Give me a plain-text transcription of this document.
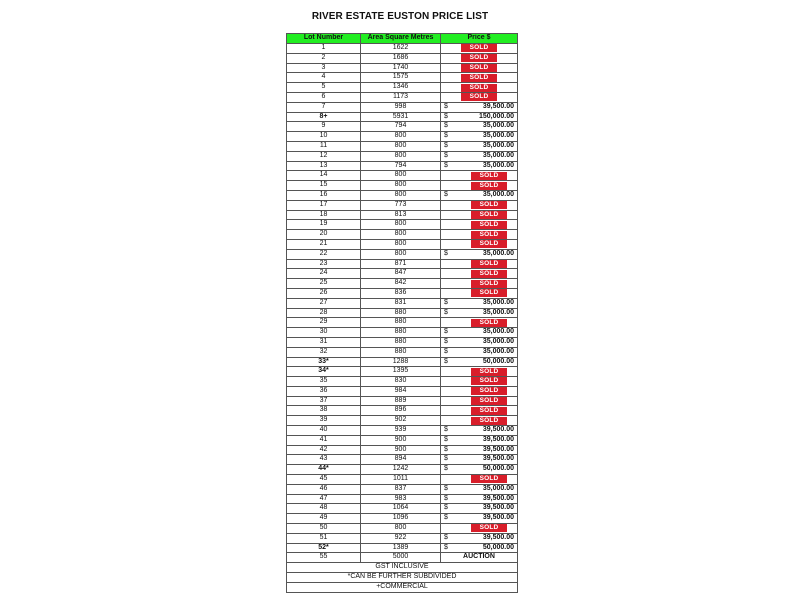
RIVER ESTATE EUSTON PRICE LIST
Lot Number	Area Square Metres	Price $
1	1622	SOLD

2	1686	SOLD

3	1740	SOLD

4	1575	SOLD

5	1346	SOLD

6	1173	SOLD

7	998	$ 39,500.00

8+	5931	$ 150,000.00

9	794	$ 35,000.00

10	800	$ 35,000.00

11	800	$ 35,000.00

12	800	$ 35,000.00

13	794	$ 35,000.00

14	800	SOLD

15	800	SOLD

16	800	$ 35,000.00

17	773	SOLD

18	813	SOLD

19	800	SOLD

20	800	SOLD

21	800	SOLD

22	800	$ 35,000.00

23	871	SOLD

24	847	SOLD

25	842	SOLD

26	836	SOLD

27	831	$ 35,000.00

28	880	$ 35,000.00

29	880	SOLD

30	880	$ 35,000.00

31	880	$ 35,000.00

32	880	$ 35,000.00

33*	1288	$ 50,000.00

34*	1395	SOLD

35	830	SOLD

36	984	SOLD

37	889	SOLD

38	896	SOLD

39	902	SOLD

40	939	$ 39,500.00

41	900	$ 39,500.00

42	900	$ 39,500.00

43	894	$ 39,500.00

44*	1242	$ 50,000.00

45	1011	SOLD

46	837	$ 35,000.00

47	983	$ 39,500.00

48	1064	$ 39,500.00

49	1096	$ 39,500.00

50	800	SOLD

51	922	$ 39,500.00

52*	1389	$ 50,000.00

55	5000	AUCTION

GST INCLUSIVE		
*CAN BE FURTHER SUBDIVIDED		
+COMMERCIAL		
